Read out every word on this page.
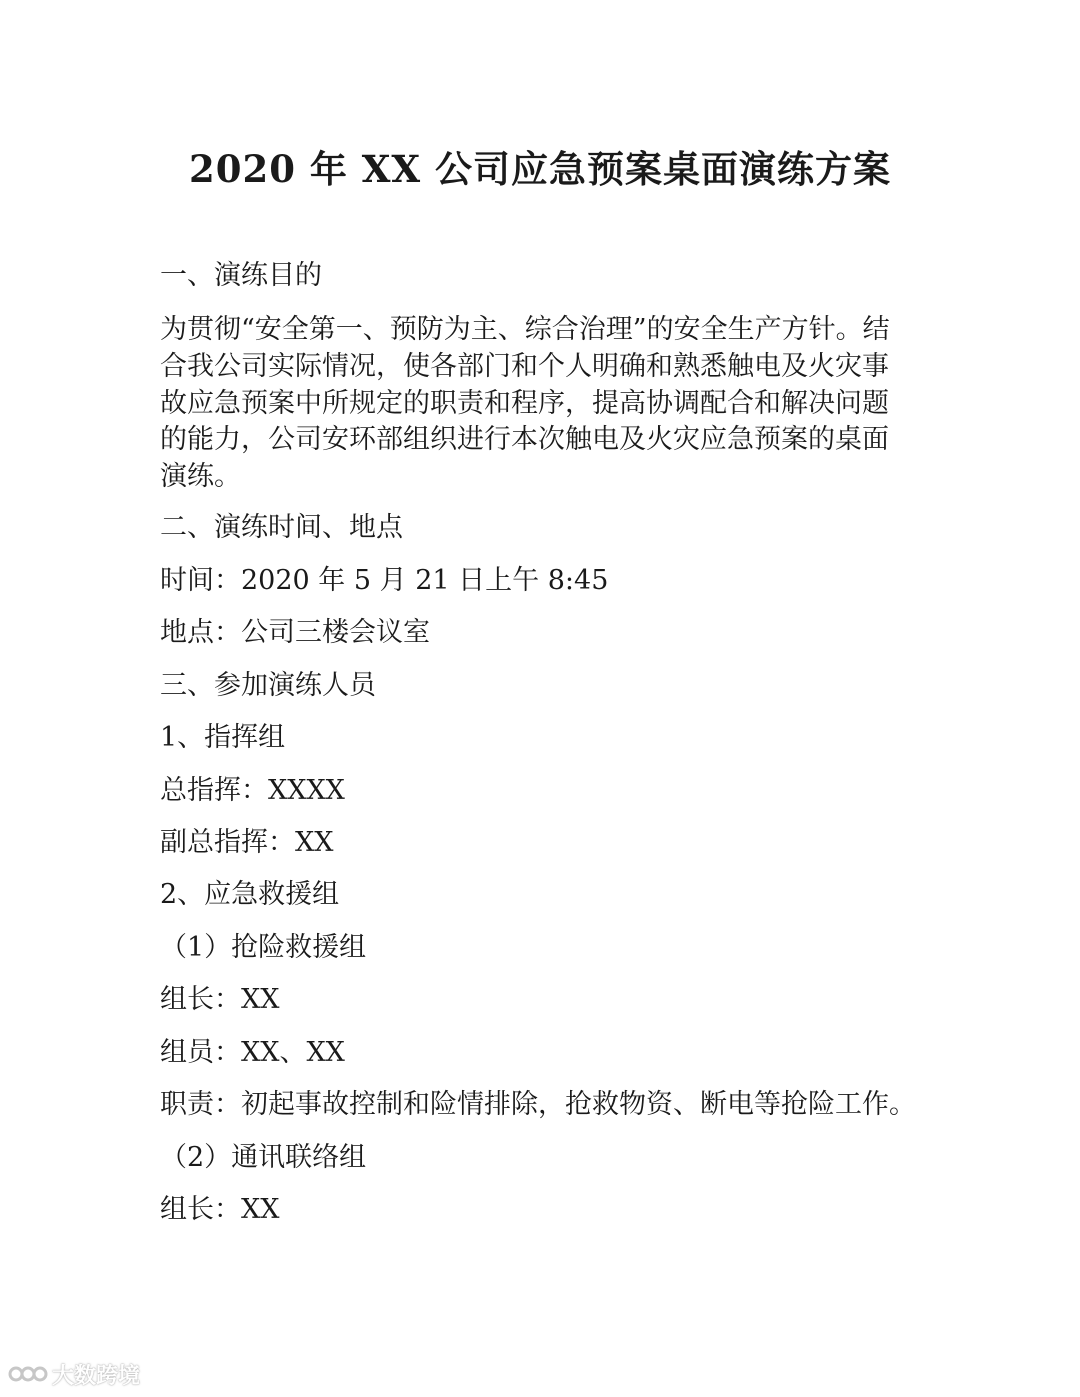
2020 年 XX 公司应急预案桌面演练方案
一、演练目的
为贯彻“安全第一、预防为主、综合治理”的安全生产方针。结
合我公司实际情况，使各部门和个人明确和熟悉触电及火灾事
故应急预案中所规定的职责和程序，提高协调配合和解决问题
的能力，公司安环部组织进行本次触电及火灾应急预案的桌面
演练。
二、演练时间、地点
时间：2020 年 5 月 21 日上午 8:45
地点：公司三楼会议室
三、参加演练人员
1、指挥组
总指挥：XXXX
副总指挥：XX
2、应急救援组
（1）抢险救援组
组长：XX
组员：XX、XX
职责：初起事故控制和险情排除，抢救物资、断电等抢险工作。
（2）通讯联络组
组长：XX
大数跨境
